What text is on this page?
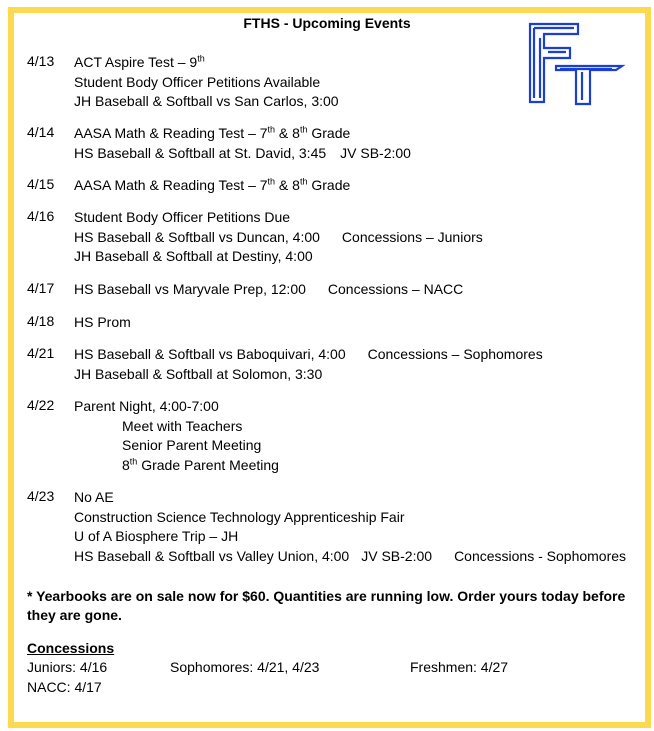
FTHS - Upcoming Events
4/13 ACT Aspire Test – 9th
Student Body Officer Petitions Available
JH Baseball & Softball vs San Carlos, 3:00
4/14 AASA Math & Reading Test – 7th & 8th Grade
HS Baseball & Softball at St. David, 3:45 JV SB-2:00
4/15 AASA Math & Reading Test – 7th & 8th Grade
4/16 Student Body Officer Petitions Due
HS Baseball & Softball vs Duncan, 4:00 Concessions – Juniors
JH Baseball & Softball at Destiny, 4:00
4/17 HS Baseball vs Maryvale Prep, 12:00 Concessions – NACC
4/18 HS Prom
4/21 HS Baseball & Softball vs Baboquivari, 4:00 Concessions – Sophomores
JH Baseball & Softball at Solomon, 3:30
4/22 Parent Night, 4:00-7:00
Meet with Teachers
Senior Parent Meeting
8th Grade Parent Meeting
4/23 No AE
Construction Science Technology Apprenticeship Fair
U of A Biosphere Trip – JH
HS Baseball & Softball vs Valley Union, 4:00 JV SB-2:00 Concessions - Sophomores
* Yearbooks are on sale now for $60. Quantities are running low. Order yours today before they are gone.
Concessions
Juniors: 4/16	Sophomores: 4/21, 4/23	Freshmen: 4/27
NACC: 4/17
